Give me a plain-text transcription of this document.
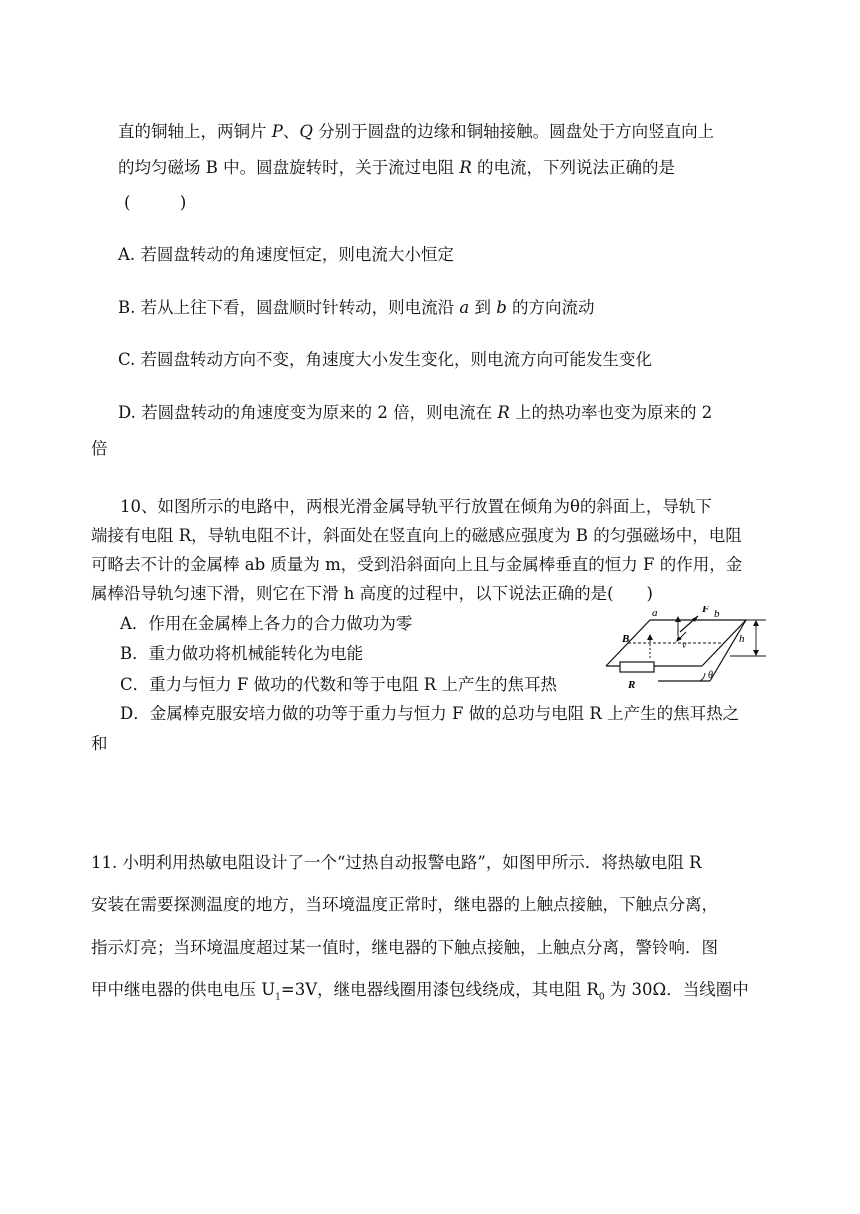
直的铜轴上，两铜片 P、Q 分别于圆盘的边缘和铜轴接触。圆盘处于方向竖直向上
的均匀磁场 B 中。圆盘旋转时，关于流过电阻 R 的电流，下列说法正确的是
(　　　)
A. 若圆盘转动的角速度恒定，则电流大小恒定
B. 若从上往下看，圆盘顺时针转动，则电流沿 a 到 b 的方向流动
C. 若圆盘转动方向不变，角速度大小发生变化，则电流方向可能发生变化
D. 若圆盘转动的角速度变为原来的 2 倍，则电流在 R 上的热功率也变为原来的 2
倍
10、如图所示的电路中，两根光滑金属导轨平行放置在倾角为θ的斜面上，导轨下
端接有电阻 R，导轨电阻不计，斜面处在竖直向上的磁感应强度为 B 的匀强磁场中，电阻
可略去不计的金属棒 ab 质量为 m，受到沿斜面向上且与金属棒垂直的恒力 F 的作用，金
属棒沿导轨匀速下滑，则它在下滑 h 高度的过程中，以下说法正确的是(　　)
A．作用在金属棒上各力的合力做功为零
B．重力做功将机械能转化为电能
C．重力与恒力 F 做功的代数和等于电阻 R 上产生的焦耳热
D．金属棒克服安培力做的功等于重力与恒力 F 做的总功与电阻 R 上产生的焦耳热之
和
a	b
F
B
v
h
R
θ
11. 小明利用热敏电阻设计了一个“过热自动报警电路”，如图甲所示．将热敏电阻 R
安装在需要探测温度的地方，当环境温度正常时，继电器的上触点接触，下触点分离，
指示灯亮；当环境温度超过某一值时，继电器的下触点接触，上触点分离，警铃响．图
甲中继电器的供电电压 $U_1=3V$，继电器线圈用漆包线绕成，其电阻 $R_0$ 为 30Ω．当线圈中
